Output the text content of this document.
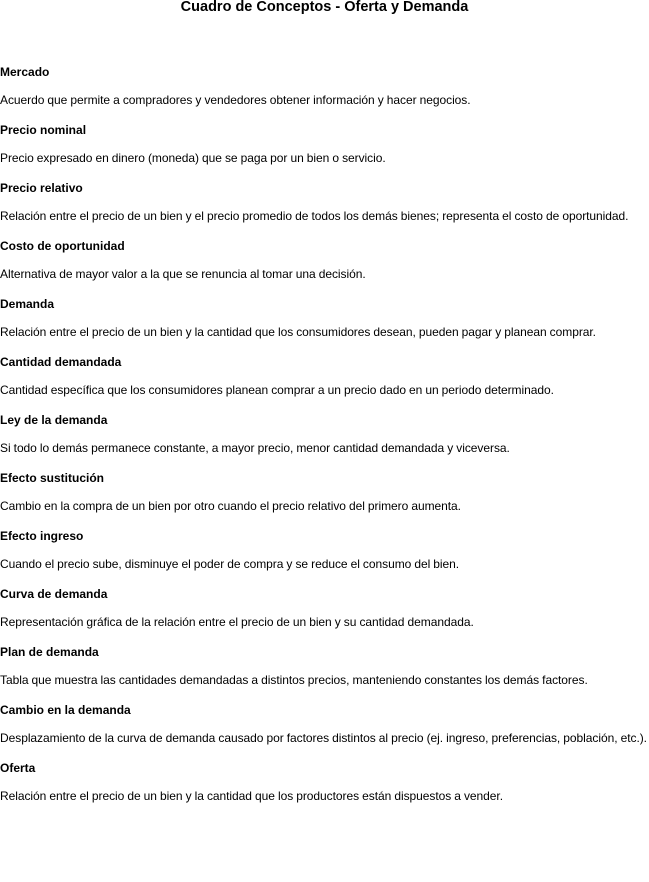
Cuadro de Conceptos - Oferta y Demanda
Mercado
Acuerdo que permite a compradores y vendedores obtener información y hacer negocios.
Precio nominal
Precio expresado en dinero (moneda) que se paga por un bien o servicio.
Precio relativo
Relación entre el precio de un bien y el precio promedio de todos los demás bienes; representa el costo de oportunidad.
Costo de oportunidad
Alternativa de mayor valor a la que se renuncia al tomar una decisión.
Demanda
Relación entre el precio de un bien y la cantidad que los consumidores desean, pueden pagar y planean comprar.
Cantidad demandada
Cantidad específica que los consumidores planean comprar a un precio dado en un periodo determinado.
Ley de la demanda
Si todo lo demás permanece constante, a mayor precio, menor cantidad demandada y viceversa.
Efecto sustitución
Cambio en la compra de un bien por otro cuando el precio relativo del primero aumenta.
Efecto ingreso
Cuando el precio sube, disminuye el poder de compra y se reduce el consumo del bien.
Curva de demanda
Representación gráfica de la relación entre el precio de un bien y su cantidad demandada.
Plan de demanda
Tabla que muestra las cantidades demandadas a distintos precios, manteniendo constantes los demás factores.
Cambio en la demanda
Desplazamiento de la curva de demanda causado por factores distintos al precio (ej. ingreso, preferencias, población, etc.).
Oferta
Relación entre el precio de un bien y la cantidad que los productores están dispuestos a vender.
